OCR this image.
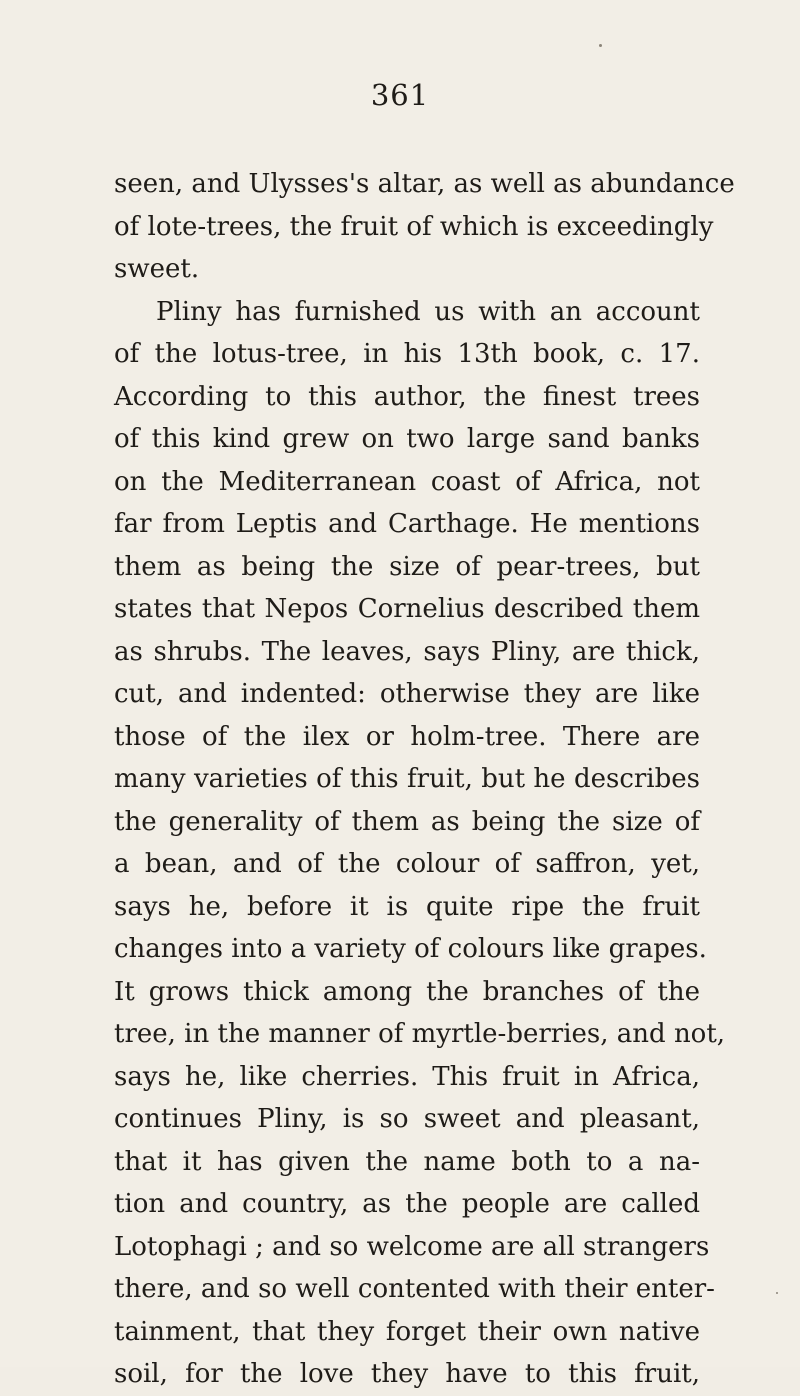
361
seen, and Ulysses's altar, as well as abundance
of lote-trees, the fruit of which is exceedingly
sweet.
Pliny has furnished us with an account
of the lotus-tree, in his 13th book, c. 17.
According to this author, the finest trees
of this kind grew on two large sand banks
on the Mediterranean coast of Africa, not
far from Leptis and Carthage. He mentions
them as being the size of pear-trees, but
states that Nepos Cornelius described them
as shrubs. The leaves, says Pliny, are thick,
cut, and indented: otherwise they are like
those of the ilex or holm-tree. There are
many varieties of this fruit, but he describes
the generality of them as being the size of
a bean, and of the colour of saffron, yet,
says he, before it is quite ripe the fruit
changes into a variety of colours like grapes.
It grows thick among the branches of the
tree, in the manner of myrtle-berries, and not,
says he, like cherries. This fruit in Africa,
continues Pliny, is so sweet and pleasant,
that it has given the name both to a na-
tion and country, as the people are called
Lotophagi ; and so welcome are all strangers
there, and so well contented with their enter-
tainment, that they forget their own native
soil, for the love they have to this fruit,
